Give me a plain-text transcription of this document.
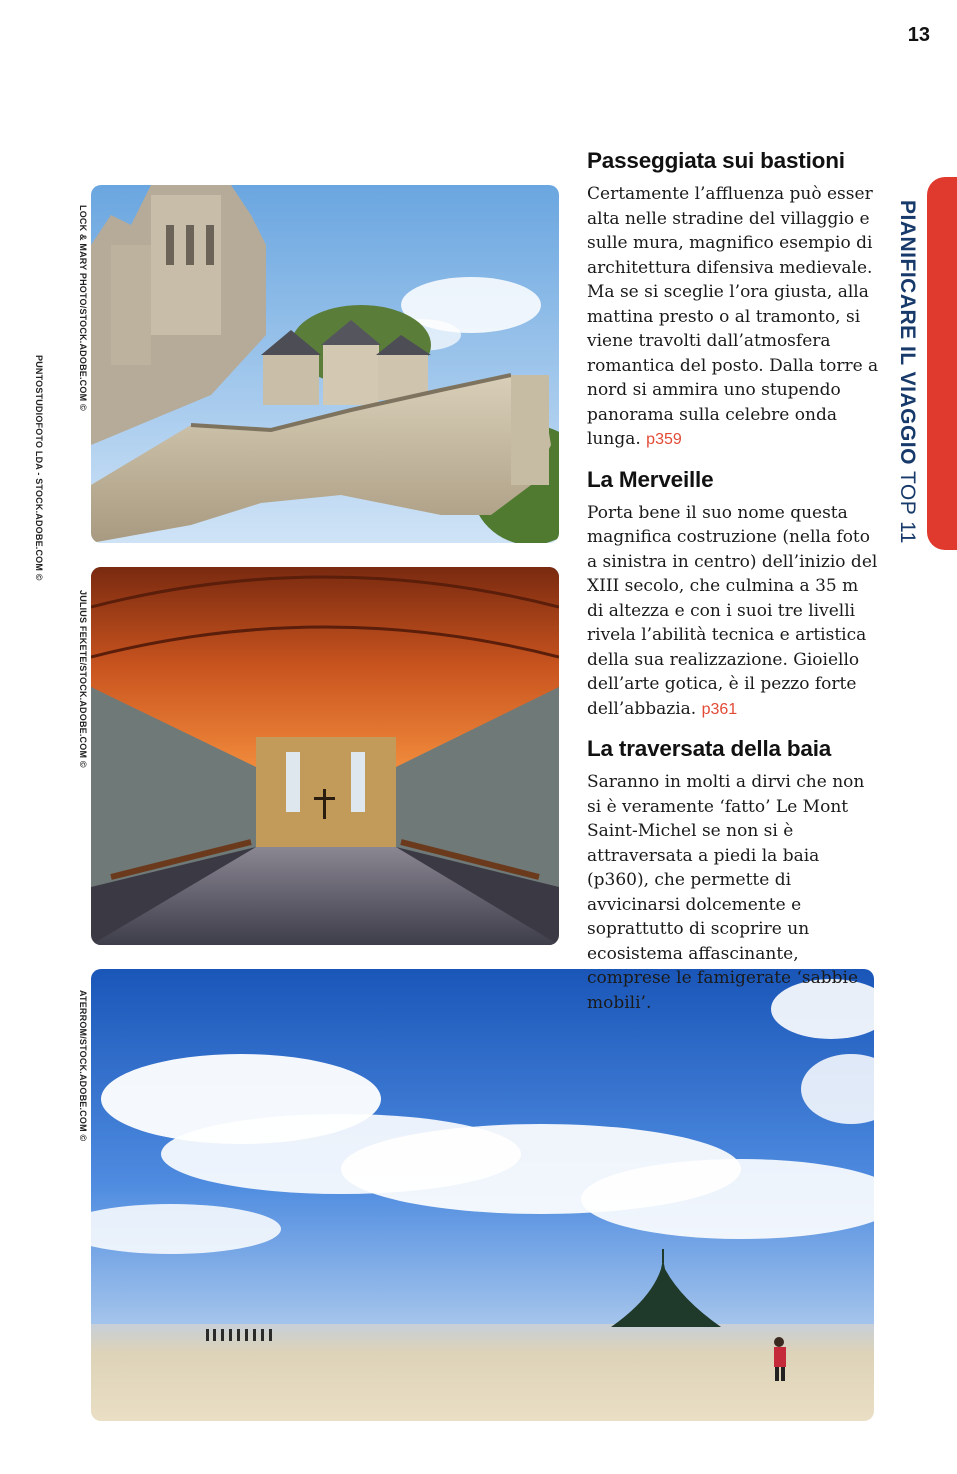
13
PIANIFICARE IL VIAGGIO TOP 11
PUNTOSTUDIOFOTO LDA - STOCK.ADOBE.COM ©
LOCK & MARY PHOTO/STOCK.ADOBE.COM ©
JULIUS FEKETE/STOCK.ADOBE.COM ©
ATERROM/STOCK.ADOBE.COM ©
Passeggiata sui bastioni

Certamente l’affluenza può esser alta nelle stradine del villaggio e sulle mura, magnifico esempio di architettura difensiva medievale. Ma se si sceglie l’ora giusta, alla mattina presto o al tramonto, si viene travolti dall’atmosfera romantica del posto. Dalla torre a nord si ammira uno stupendo panorama sulla celebre onda lunga. p359

La Merveille

Porta bene il suo nome questa magnifica costruzione (nella foto a sinistra in centro) dell’inizio del XIII secolo, che culmina a 35 m di altezza e con i suoi tre livelli rivela l’abilità tecnica e artistica della sua realizzazione. Gioiello dell’arte gotica, è il pezzo forte dell’abbazia. p361

La traversata della baia

Saranno in molti a dirvi che non si è veramente ‘fatto’ Le Mont Saint-Michel se non si è attraversata a piedi la baia (p360), che permette di avvicinarsi dolcemente e soprattutto di scoprire un ecosistema affascinante, comprese le famigerate ‘sabbie mobili’.
